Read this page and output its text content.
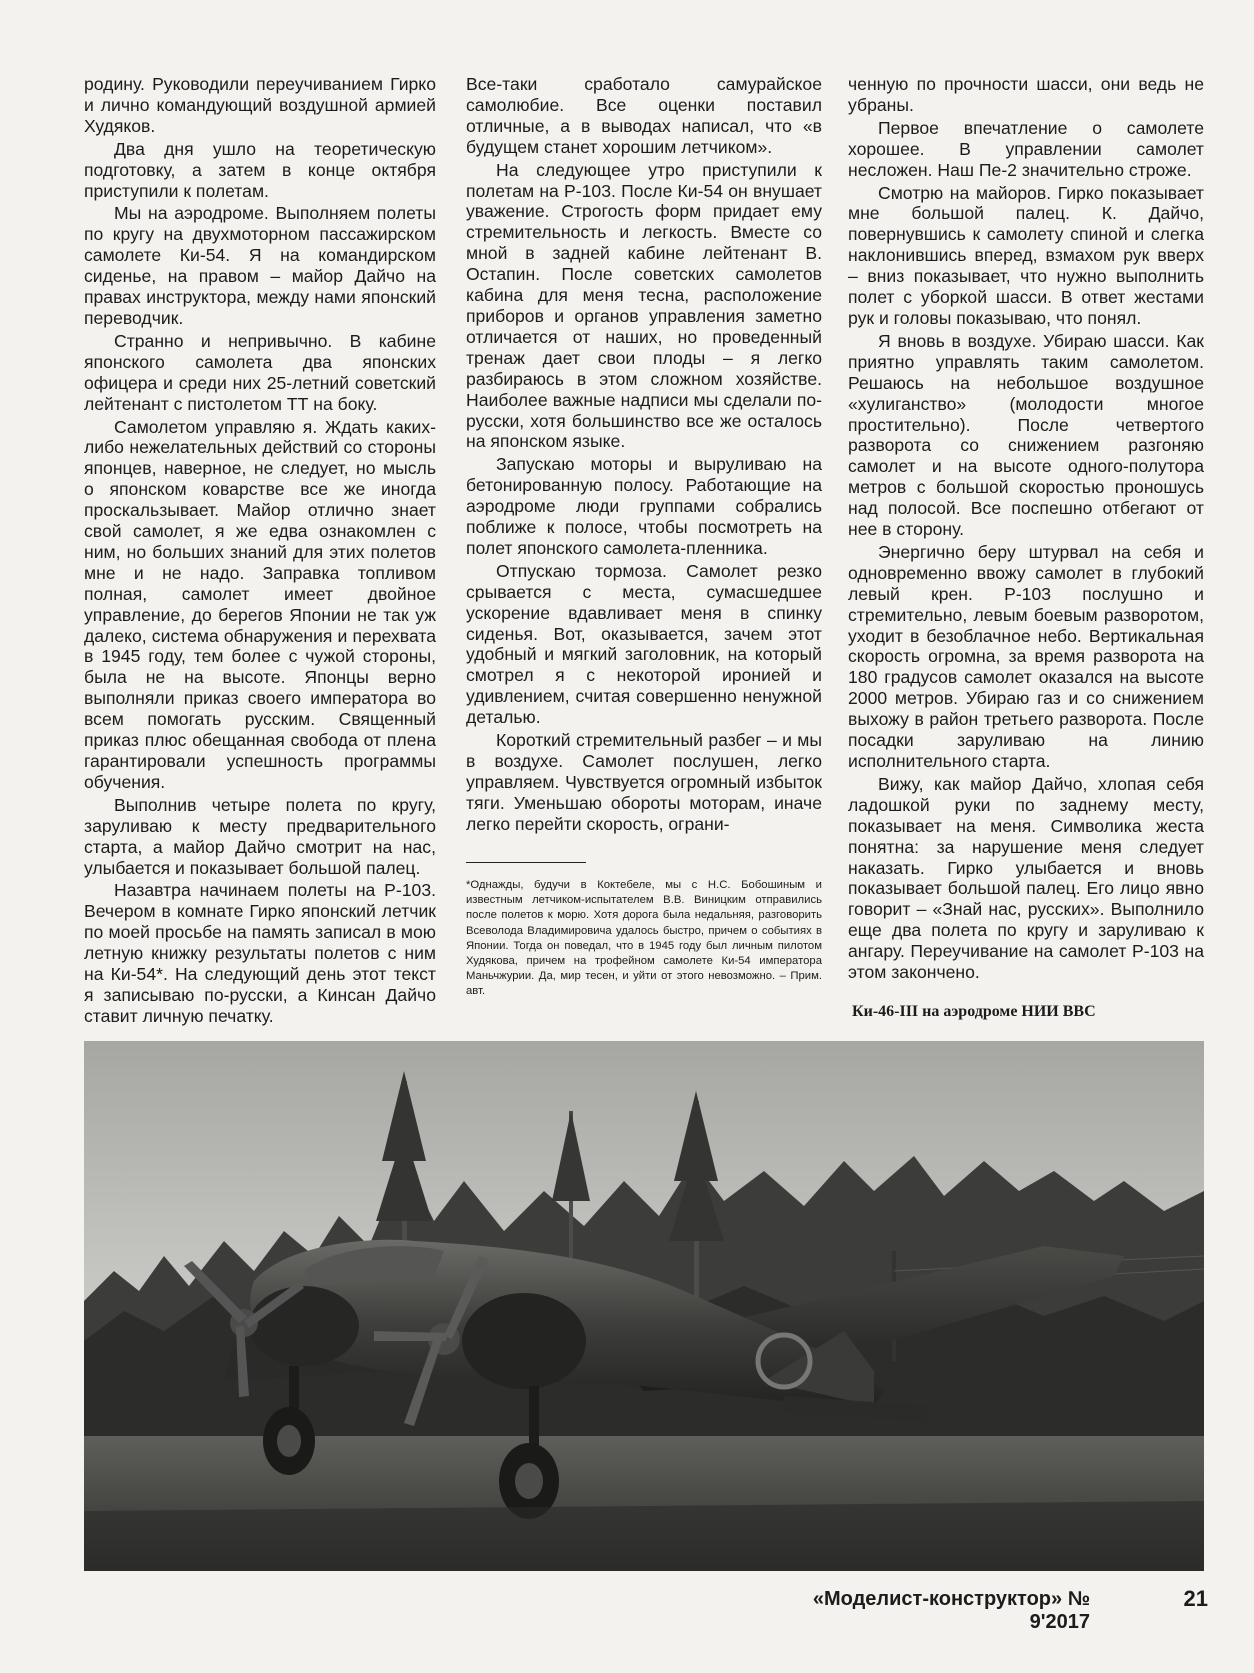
родину. Руководили переучиванием Гирко и лично командующий воздушной армией Худяков.

Два дня ушло на теоретическую подготовку, а затем в конце октября приступили к полетам.

Мы на аэродроме. Выполняем полеты по кругу на двухмоторном пассажирском самолете Ки-54. Я на командирском сиденье, на правом – майор Дайчо на правах инструктора, между нами японский переводчик.

Странно и непривычно. В кабине японского самолета два японских офицера и среди них 25-летний советский лейтенант с пистолетом ТТ на боку.

Самолетом управляю я. Ждать каких-либо нежелательных действий со стороны японцев, наверное, не следует, но мысль о японском коварстве все же иногда проскальзывает. Майор отлично знает свой самолет, я же едва ознакомлен с ним, но больших знаний для этих полетов мне и не надо. Заправка топливом полная, самолет имеет двойное управление, до берегов Японии не так уж далеко, система обнаружения и перехвата в 1945 году, тем более с чужой стороны, была не на высоте. Японцы верно выполняли приказ своего императора во всем помогать русским. Священный приказ плюс обещанная свобода от плена гарантировали успешность программы обучения.

Выполнив четыре полета по кругу, заруливаю к месту предварительного старта, а майор Дайчо смотрит на нас, улыбается и показывает большой палец.

Назавтра начинаем полеты на Р-103. Вечером в комнате Гирко японский летчик по моей просьбе на память записал в мою летную книжку результаты полетов с ним на Ки-54*. На следующий день этот текст я записываю по-русски, а Кинсан Дайчо ставит личную печатку.

Все-таки сработало самурайское самолюбие. Все оценки поставил отличные, а в выводах написал, что «в будущем станет хорошим летчиком».

На следующее утро приступили к полетам на Р-103. После Ки-54 он внушает уважение. Строгость форм придает ему стремительность и легкость. Вместе со мной в задней кабине лейтенант В. Остапин. После советских самолетов кабина для меня тесна, расположение приборов и органов управления заметно отличается от наших, но проведенный тренаж дает свои плоды – я легко разбираюсь в этом сложном хозяйстве. Наиболее важные надписи мы сделали по-русски, хотя большинство все же осталось на японском языке.

Запускаю моторы и выруливаю на бетонированную полосу. Работающие на аэродроме люди группами собрались поближе к полосе, чтобы посмотреть на полет японского самолета-пленника.

Отпускаю тормоза. Самолет резко срывается с места, сумасшедшее ускорение вдавливает меня в спинку сиденья. Вот, оказывается, зачем этот удобный и мягкий заголовник, на который смотрел я с некоторой иронией и удивлением, считая совершенно ненужной деталью.

Короткий стремительный разбег – и мы в воздухе. Самолет послушен, легко управляем. Чувствуется огромный избыток тяги. Уменьшаю обороты моторам, иначе легко перейти скорость, ограни-

*Однажды, будучи в Коктебеле, мы с Н.С. Бобошиным и известным летчиком-испытателем В.В. Виницким отправились после полетов к морю. Хотя дорога была недальняя, разговорить Всеволода Владимировича удалось быстро, причем о событиях в Японии. Тогда он поведал, что в 1945 году был личным пилотом Худякова, причем на трофейном самолете Ки-54 императора Маньчжурии. Да, мир тесен, и уйти от этого невозможно. – Прим. авт.

ченную по прочности шасси, они ведь не убраны.

Первое впечатление о самолете хорошее. В управлении самолет несложен. Наш Пе-2 значительно строже.

Смотрю на майоров. Гирко показывает мне большой палец. К. Дайчо, повернувшись к самолету спиной и слегка наклонившись вперед, взмахом рук вверх – вниз показывает, что нужно выполнить полет с уборкой шасси. В ответ жестами рук и головы показываю, что понял.

Я вновь в воздухе. Убираю шасси. Как приятно управлять таким самолетом. Решаюсь на небольшое воздушное «хулиганство» (молодости многое простительно). После четвертого разворота со снижением разгоняю самолет и на высоте одного-полутора метров с большой скоростью проношусь над полосой. Все поспешно отбегают от нее в сторону.

Энергично беру штурвал на себя и одновременно ввожу самолет в глубокий левый крен. Р-103 послушно и стремительно, левым боевым разворотом, уходит в безоблачное небо. Вертикальная скорость огромна, за время разворота на 180 градусов самолет оказался на высоте 2000 метров. Убираю газ и со снижением выхожу в район третьего разворота. После посадки заруливаю на линию исполнительного старта.

Вижу, как майор Дайчо, хлопая себя ладошкой руки по заднему месту, показывает на меня. Символика жеста понятна: за нарушение меня следует наказать. Гирко улыбается и вновь показывает большой палец. Его лицо явно говорит – «Знай нас, русских». Выполнило еще два полета по кругу и заруливаю к ангару. Переучивание на самолет Р-103 на этом закончено.

Ки-46-III на аэродроме НИИ ВВС
«Моделист-конструктор» № 9'2017
21
